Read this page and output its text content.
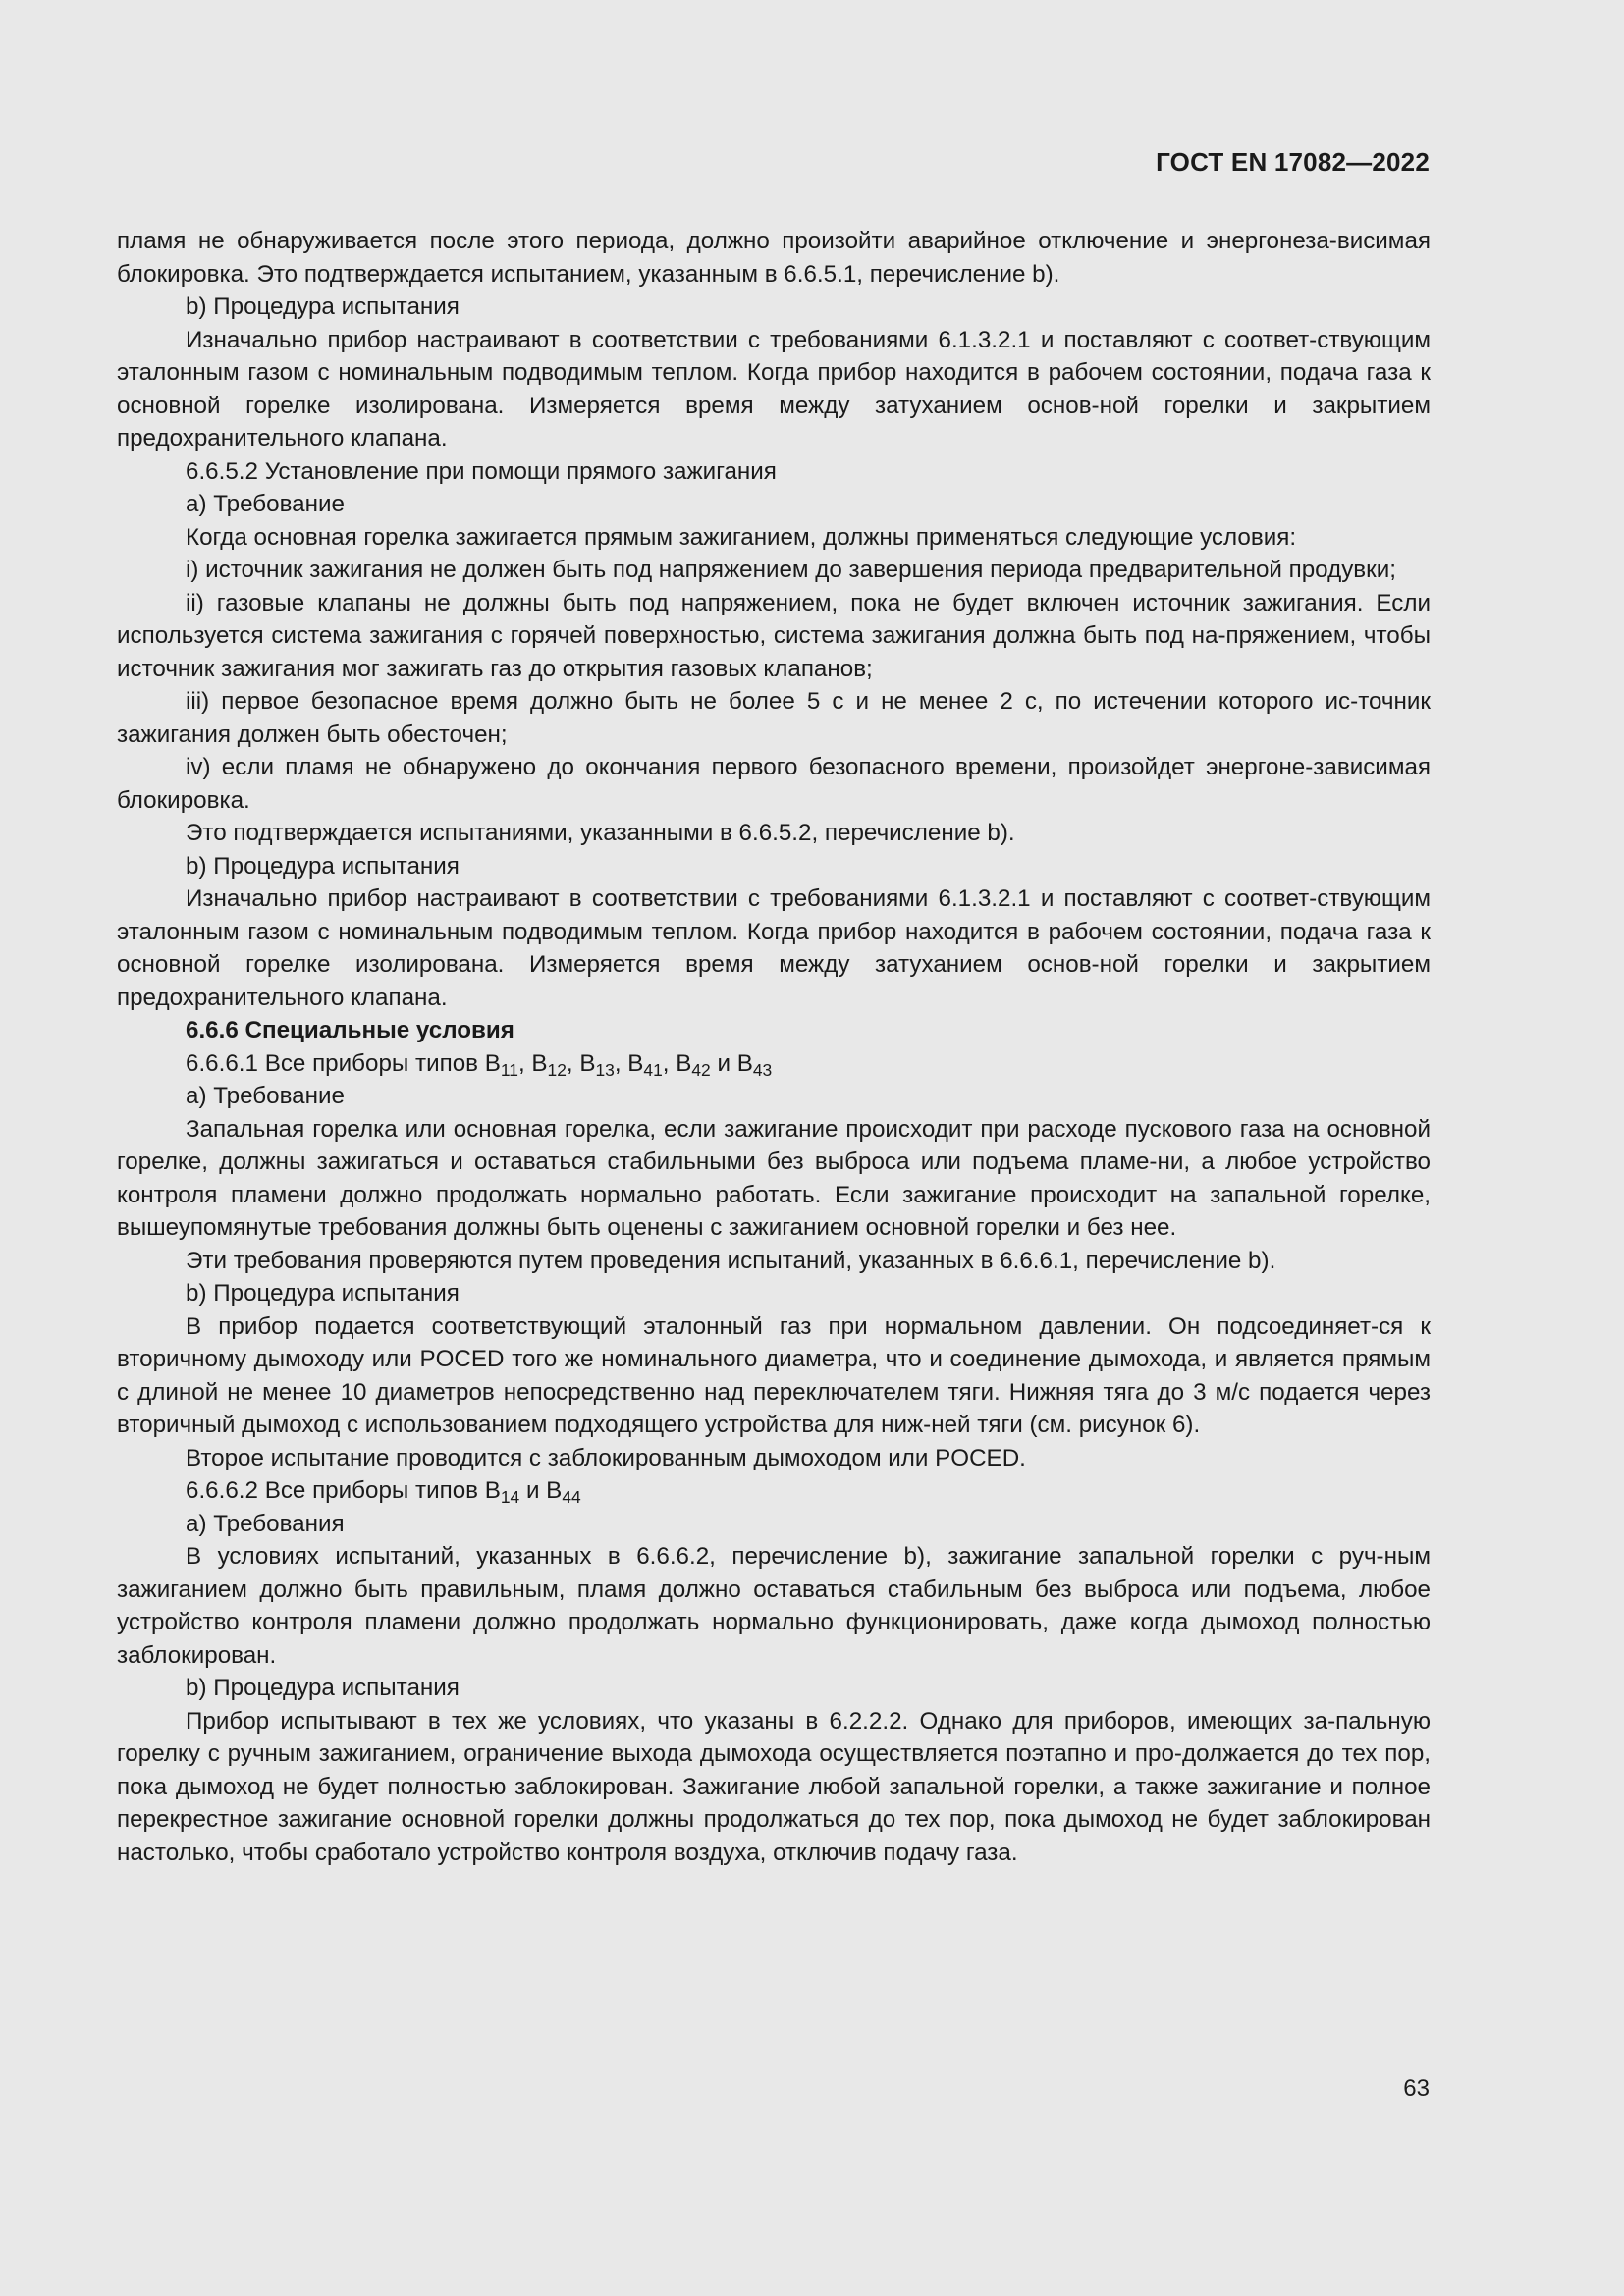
ГОСТ EN 17082—2022

пламя не обнаруживается после этого периода, должно произойти аварийное отключение и энергонеза-висимая блокировка. Это подтверждается испытанием, указанным в 6.6.5.1, перечисление b).

b) Процедура испытания

Изначально прибор настраивают в соответствии с требованиями 6.1.3.2.1 и поставляют с соответ-ствующим эталонным газом с номинальным подводимым теплом. Когда прибор находится в рабочем состоянии, подача газа к основной горелке изолирована. Измеряется время между затуханием основ-ной горелки и закрытием предохранительного клапана.

6.6.5.2 Установление при помощи прямого зажигания

a) Требование

Когда основная горелка зажигается прямым зажиганием, должны применяться следующие условия:

i) источник зажигания не должен быть под напряжением до завершения периода предварительной продувки;

ii) газовые клапаны не должны быть под напряжением, пока не будет включен источник зажигания. Если используется система зажигания с горячей поверхностью, система зажигания должна быть под на-пряжением, чтобы источник зажигания мог зажигать газ до открытия газовых клапанов;

iii) первое безопасное время должно быть не более 5 с и не менее 2 с, по истечении которого ис-точник зажигания должен быть обесточен;

iv) если пламя не обнаружено до окончания первого безопасного времени, произойдет энергоне-зависимая блокировка.

Это подтверждается испытаниями, указанными в 6.6.5.2, перечисление b).

b) Процедура испытания

Изначально прибор настраивают в соответствии с требованиями 6.1.3.2.1 и поставляют с соответ-ствующим эталонным газом с номинальным подводимым теплом. Когда прибор находится в рабочем состоянии, подача газа к основной горелке изолирована. Измеряется время между затуханием основ-ной горелки и закрытием предохранительного клапана.

6.6.6 Специальные условия

6.6.6.1 Все приборы типов $B_{11}$, $B_{12}$, $B_{13}$, $B_{41}$, $B_{42}$ и $B_{43}$

a) Требование

Запальная горелка или основная горелка, если зажигание происходит при расходе пускового газа на основной горелке, должны зажигаться и оставаться стабильными без выброса или подъема пламе-ни, а любое устройство контроля пламени должно продолжать нормально работать. Если зажигание происходит на запальной горелке, вышеупомянутые требования должны быть оценены с зажиганием основной горелки и без нее.

Эти требования проверяются путем проведения испытаний, указанных в 6.6.6.1, перечисление b).

b) Процедура испытания

В прибор подается соответствующий эталонный газ при нормальном давлении. Он подсоединяет-ся к вторичному дымоходу или POCED того же номинального диаметра, что и соединение дымохода, и является прямым с длиной не менее 10 диаметров непосредственно над переключателем тяги. Нижняя тяга до 3 м/с подается через вторичный дымоход с использованием подходящего устройства для ниж-ней тяги (см. рисунок 6).

Второе испытание проводится с заблокированным дымоходом или POCED.

6.6.6.2 Все приборы типов $B_{14}$ и $B_{44}$

a) Требования

В условиях испытаний, указанных в 6.6.6.2, перечисление b), зажигание запальной горелки с руч-ным зажиганием должно быть правильным, пламя должно оставаться стабильным без выброса или подъема, любое устройство контроля пламени должно продолжать нормально функционировать, даже когда дымоход полностью заблокирован.

b) Процедура испытания

Прибор испытывают в тех же условиях, что указаны в 6.2.2.2. Однако для приборов, имеющих за-пальную горелку с ручным зажиганием, ограничение выхода дымохода осуществляется поэтапно и про-должается до тех пор, пока дымоход не будет полностью заблокирован. Зажигание любой запальной горелки, а также зажигание и полное перекрестное зажигание основной горелки должны продолжаться до тех пор, пока дымоход не будет заблокирован настолько, чтобы сработало устройство контроля воздуха, отключив подачу газа.

63
